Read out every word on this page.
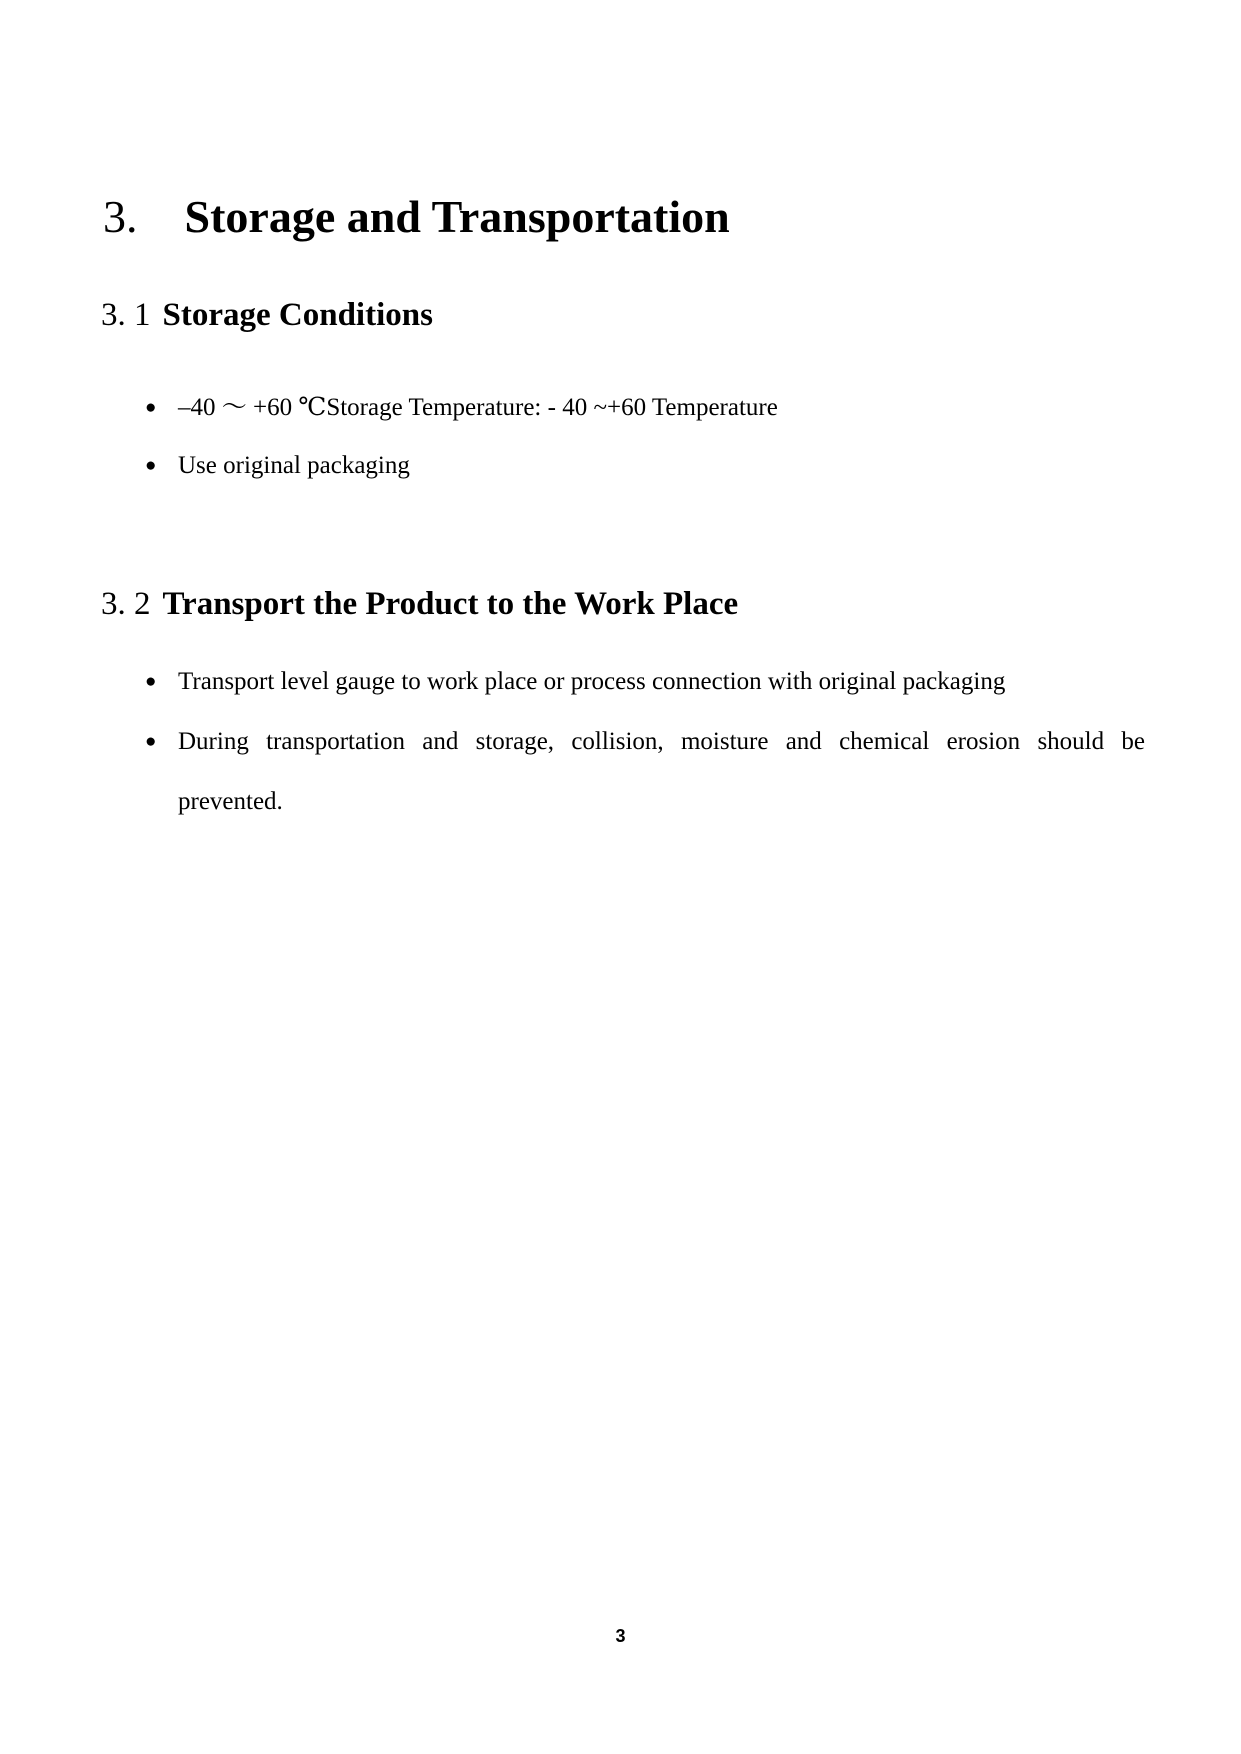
3. Storage and Transportation
3. 1 Storage Conditions
● –40 ～ +60 ℃Storage Temperature: - 40 ~+60 Temperature
● Use original packaging
3. 2 Transport the Product to the Work Place
● Transport level gauge to work place or process connection with original packaging
● During transportation and storage, collision, moisture and chemical erosion should be prevented.
3
